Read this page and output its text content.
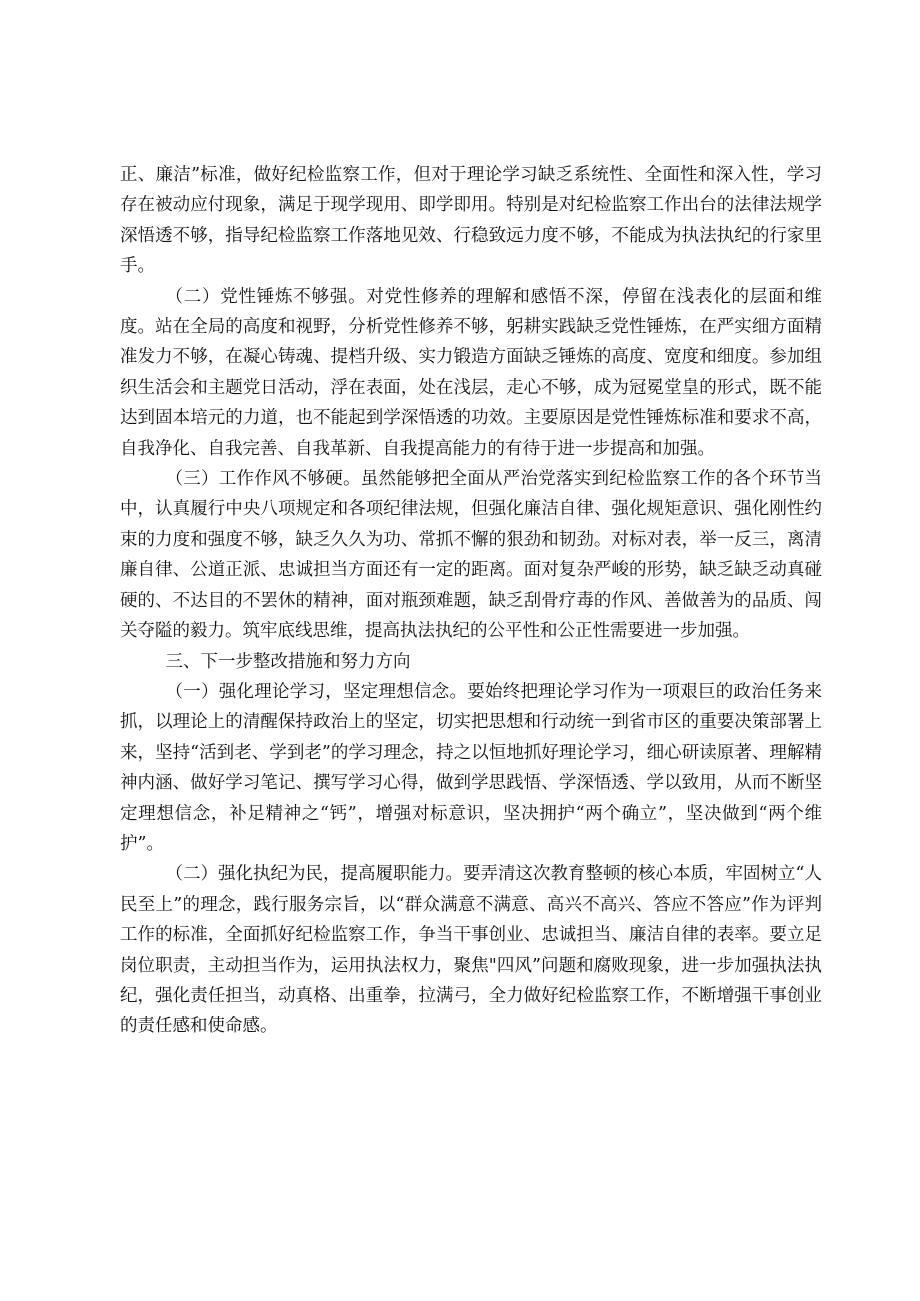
正、廉洁”标准，做好纪检监察工作，但对于理论学习缺乏系统性、全面性和深入性，学习存在被动应付现象，满足于现学现用、即学即用。特别是对纪检监察工作出台的法律法规学深悟透不够，指导纪检监察工作落地见效、行稳致远力度不够，不能成为执法执纪的行家里手。

（二）党性锤炼不够强。对党性修养的理解和感悟不深，停留在浅表化的层面和维度。站在全局的高度和视野，分析党性修养不够，躬耕实践缺乏党性锤炼，在严实细方面精准发力不够，在凝心铸魂、提档升级、实力锻造方面缺乏锤炼的高度、宽度和细度。参加组织生活会和主题党日活动，浮在表面，处在浅层，走心不够，成为冠冕堂皇的形式，既不能达到固本培元的力道，也不能起到学深悟透的功效。主要原因是党性锤炼标准和要求不高，自我净化、自我完善、自我革新、自我提高能力的有待于进一步提高和加强。

（三）工作作风不够硬。虽然能够把全面从严治党落实到纪检监察工作的各个环节当中，认真履行中央八项规定和各项纪律法规，但强化廉洁自律、强化规矩意识、强化刚性约束的力度和强度不够，缺乏久久为功、常抓不懈的狠劲和韧劲。对标对表，举一反三，离清廉自律、公道正派、忠诚担当方面还有一定的距离。面对复杂严峻的形势，缺乏缺乏动真碰硬的、不达目的不罢休的精神，面对瓶颈难题，缺乏刮骨疗毒的作风、善做善为的品质、闯关夺隘的毅力。筑牢底线思维，提高执法执纪的公平性和公正性需要进一步加强。

三、下一步整改措施和努力方向

（一）强化理论学习，坚定理想信念。要始终把理论学习作为一项艰巨的政治任务来抓，以理论上的清醒保持政治上的坚定，切实把思想和行动统一到省市区的重要决策部署上来，坚持“活到老、学到老”的学习理念，持之以恒地抓好理论学习，细心研读原著、理解精神内涵、做好学习笔记、撰写学习心得，做到学思践悟、学深悟透、学以致用，从而不断坚定理想信念，补足精神之“钙”，增强对标意识，坚决拥护“两个确立”，坚决做到“两个维护”。

（二）强化执纪为民，提高履职能力。要弄清这次教育整顿的核心本质，牢固树立“人民至上”的理念，践行服务宗旨，以“群众满意不满意、高兴不高兴、答应不答应”作为评判工作的标准，全面抓好纪检监察工作，争当干事创业、忠诚担当、廉洁自律的表率。要立足岗位职责，主动担当作为，运用执法权力，聚焦"四风”问题和腐败现象，进一步加强执法执纪，强化责任担当，动真格、出重拳，拉满弓，全力做好纪检监察工作，不断增强干事创业的责任感和使命感。
